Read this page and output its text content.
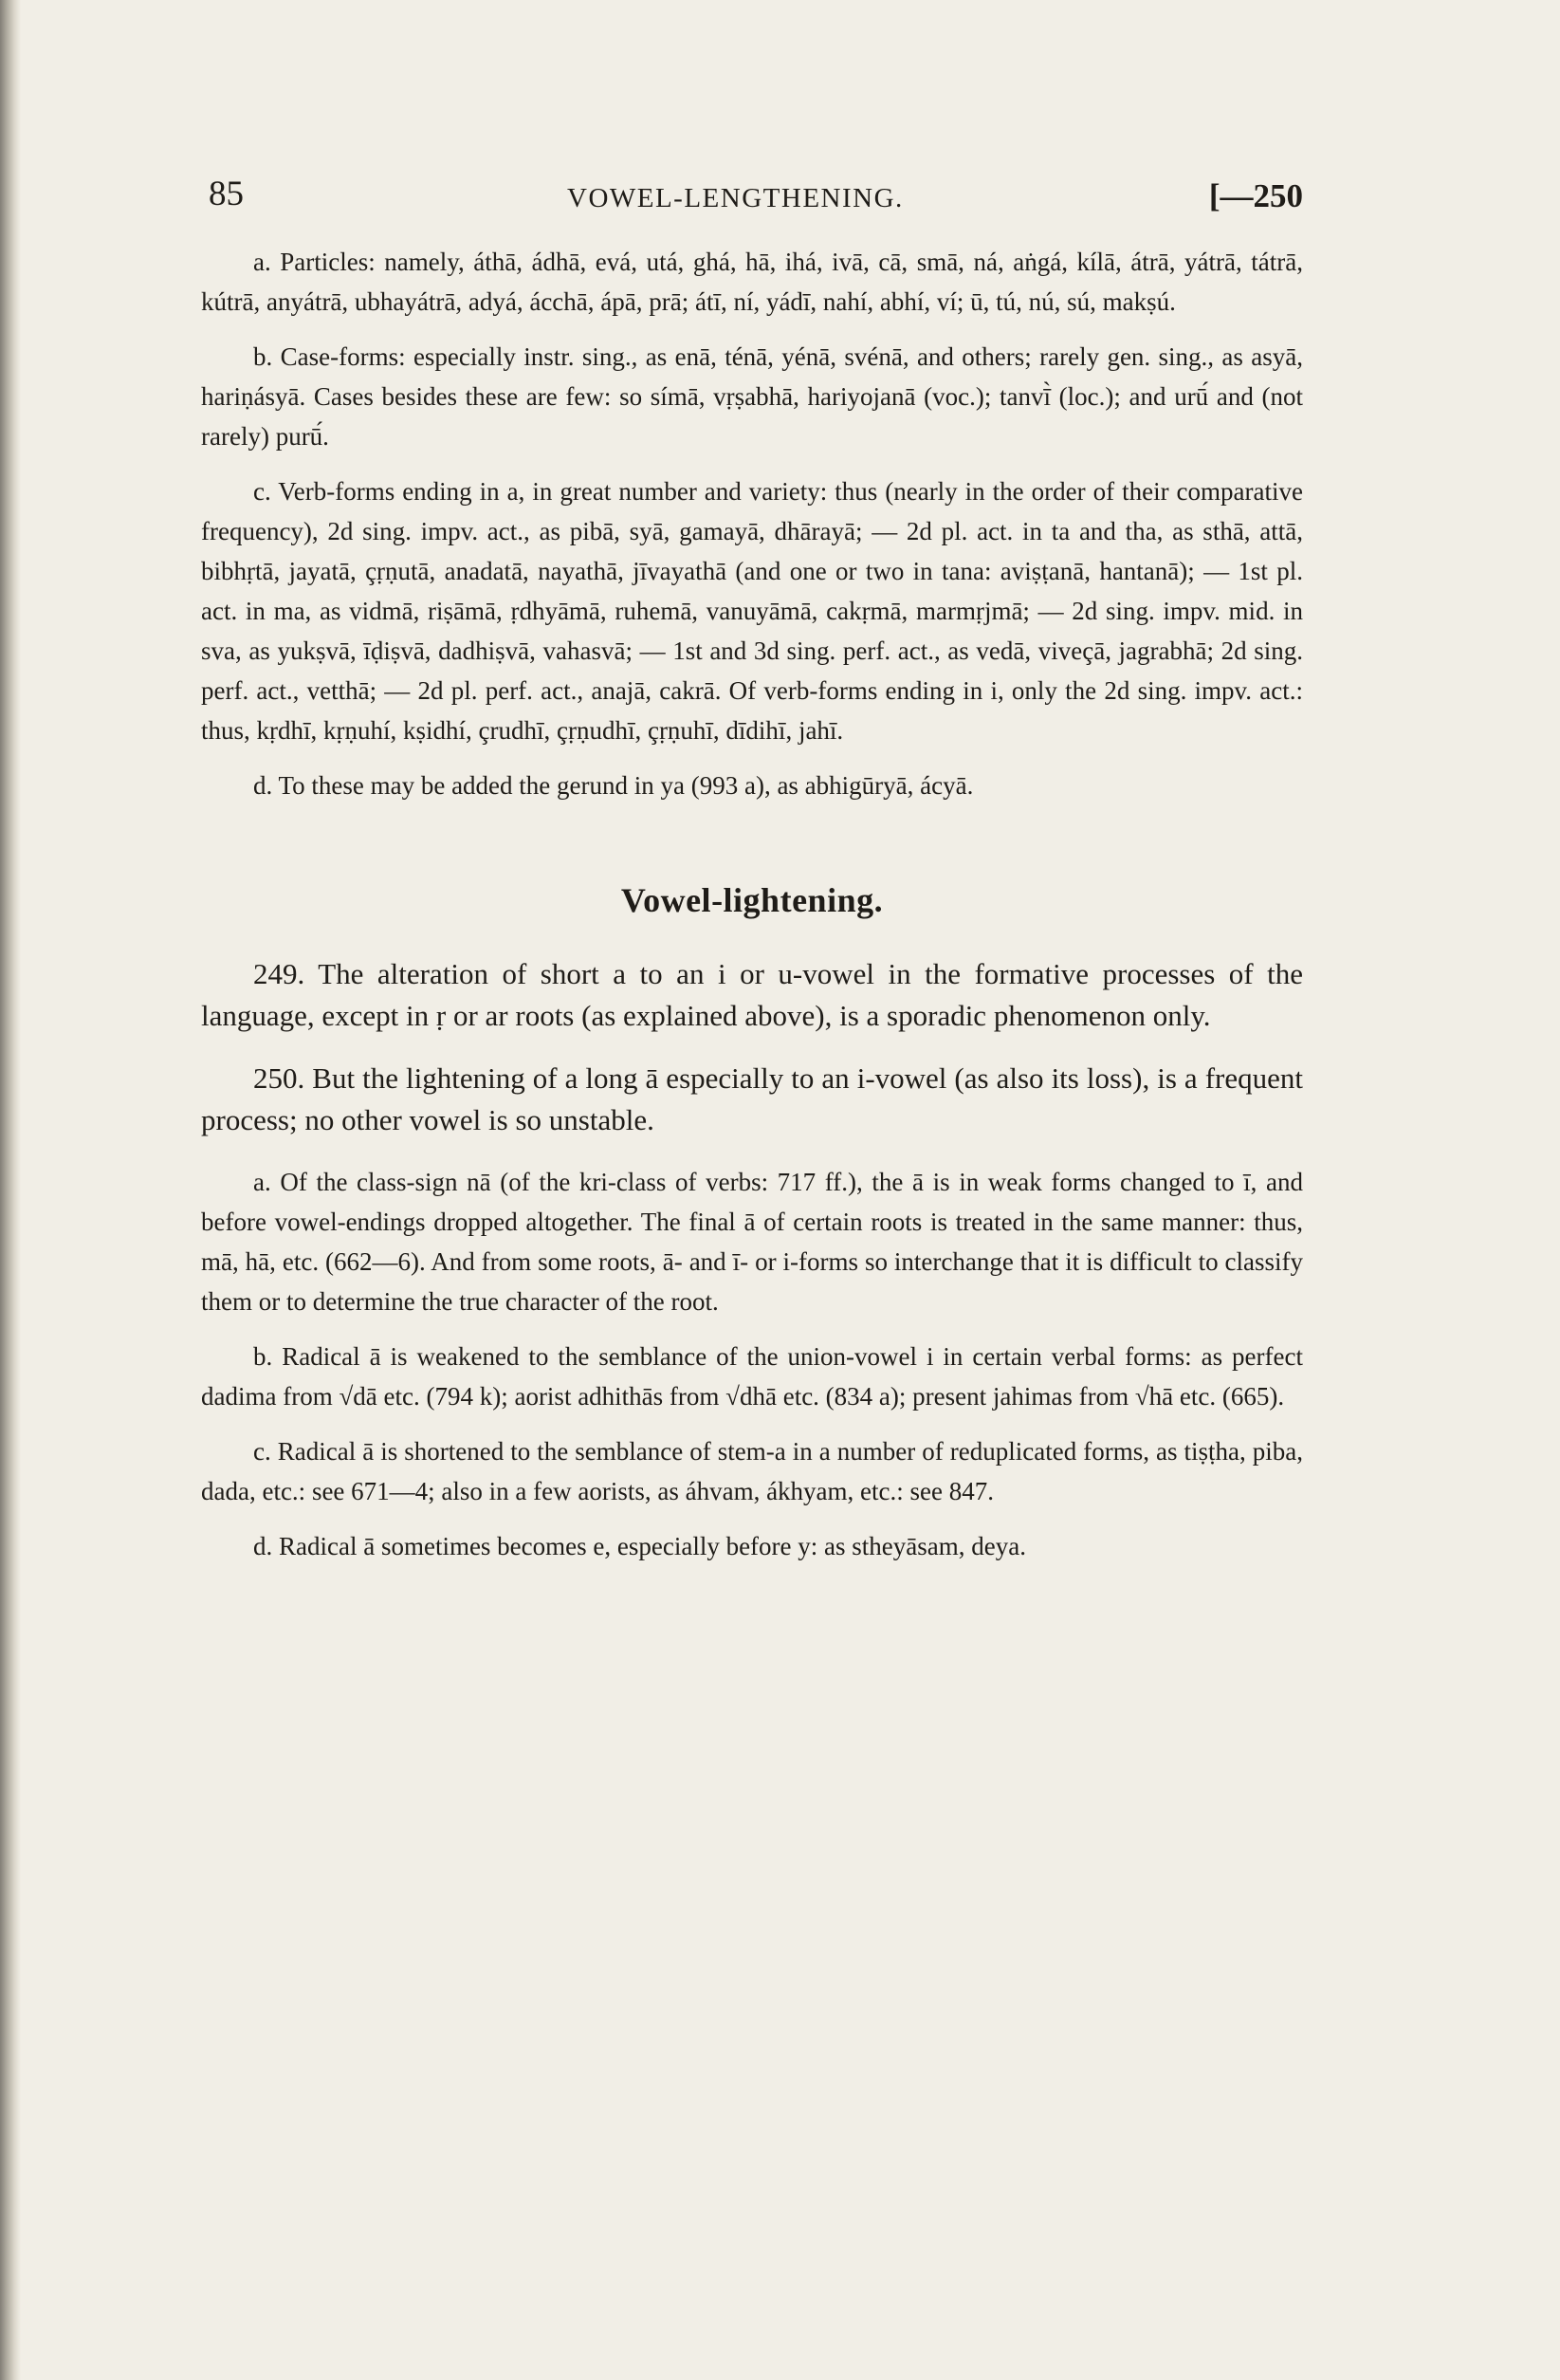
85	VOWEL-LENGTHENING.	[—250

a. Particles: namely, áthā, ádhā, evá, utá, ghá, hā, ihá, ivā, cā, smā, ná, aṅgá, kílā, átrā, yátrā, tátrā, kútrā, anyátrā, ubhayátrā, adyá, ácchā, ápā, prā; átī, ní, yádī, nahí, abhí, ví; ū, tú, nú, sú, makṣú.

b. Case-forms: especially instr. sing., as enā, ténā, yénā, svénā, and others; rarely gen. sing., as asyā, hariṇásyā. Cases besides these are few: so símā, vṛṣabhā, hariyojanā (voc.); tanvī̀ (loc.); and urū́ and (not rarely) purū́.

c. Verb-forms ending in a, in great number and variety: thus (nearly in the order of their comparative frequency), 2d sing. impv. act., as pibā, syā, gamayā, dhārayā; — 2d pl. act. in ta and tha, as sthā, attā, bibhṛtā, jayatā, çṛṇutā, anadatā, nayathā, jīvayathā (and one or two in tana: aviṣṭanā, hantanā); — 1st pl. act. in ma, as vidmā, riṣāmā, ṛdhyāmā, ruhemā, vanuyāmā, cakṛmā, marmṛjmā; — 2d sing. impv. mid. in sva, as yukṣvā, īḍiṣvā, dadhiṣvā, vahasvā; — 1st and 3d sing. perf. act., as vedā, viveçā, jagrabhā; 2d sing. perf. act., vetthā; — 2d pl. perf. act., anajā, cakrā. Of verb-forms ending in i, only the 2d sing. impv. act.: thus, kṛdhī, kṛṇuhí, kṣidhí, çrudhī, çṛṇudhī, çṛṇuhī, dīdihī, jahī.

d. To these may be added the gerund in ya (993 a), as abhigūryā, ácyā.

Vowel-lightening.

249. The alteration of short a to an i or u-vowel in the formative processes of the language, except in ṛ or ar roots (as explained above), is a sporadic phenomenon only.

250. But the lightening of a long ā especially to an i-vowel (as also its loss), is a frequent process; no other vowel is so unstable.

a. Of the class-sign nā (of the kri-class of verbs: 717 ff.), the ā is in weak forms changed to ī, and before vowel-endings dropped altogether. The final ā of certain roots is treated in the same manner: thus, mā, hā, etc. (662—6). And from some roots, ā- and ī- or i-forms so interchange that it is difficult to classify them or to determine the true character of the root.

b. Radical ā is weakened to the semblance of the union-vowel i in certain verbal forms: as perfect dadima from √dā etc. (794 k); aorist adhithās from √dhā etc. (834 a); present jahimas from √hā etc. (665).

c. Radical ā is shortened to the semblance of stem-a in a number of reduplicated forms, as tiṣṭha, piba, dada, etc.: see 671—4; also in a few aorists, as áhvam, ákhyam, etc.: see 847.

d. Radical ā sometimes becomes e, especially before y: as stheyāsam, deya.
